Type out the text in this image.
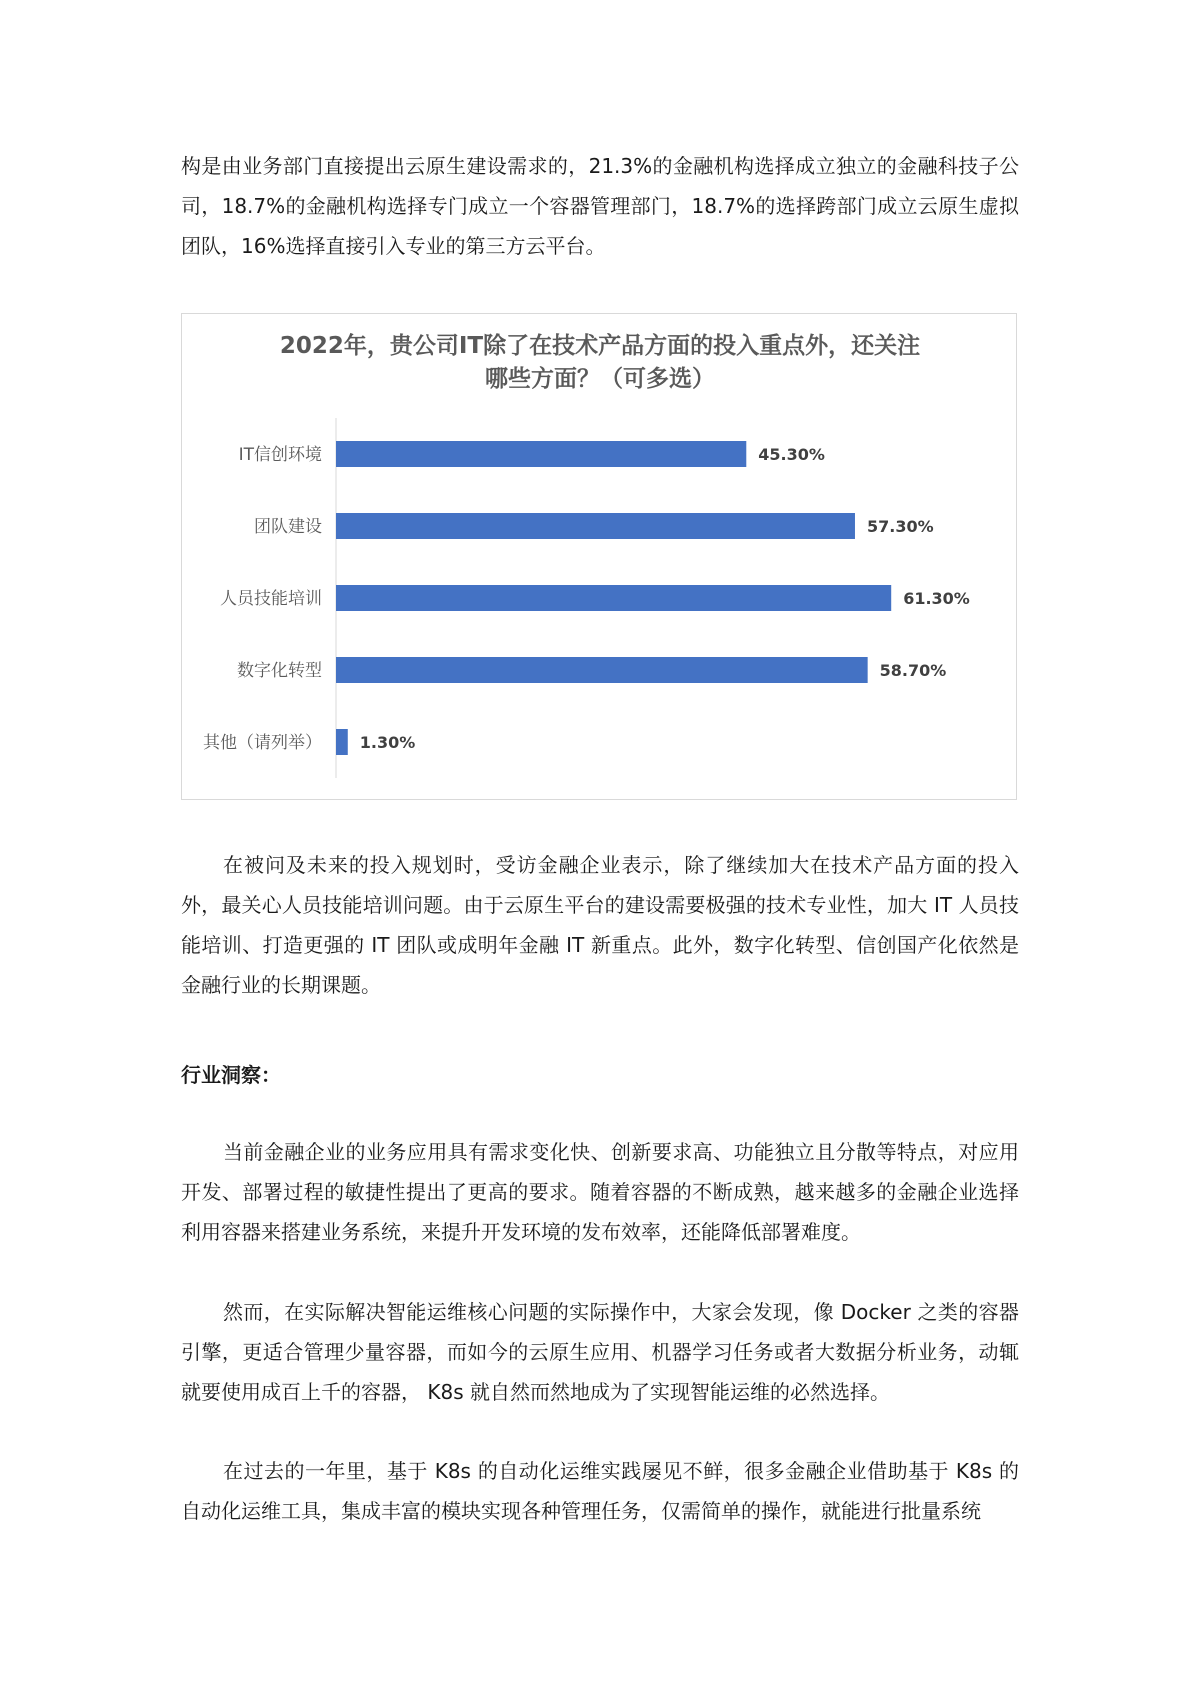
构是由业务部门直接提出云原生建设需求的，21.3%的金融机构选择成立独立的金融科技子公司，18.7%的金融机构选择专门成立一个容器管理部门，18.7%的选择跨部门成立云原生虚拟团队，16%选择直接引入专业的第三方云平台。

2022年，贵公司IT除了在技术产品方面的投入重点外，还关注
哪些方面？（可多选）
IT信创环境	45.30%
团队建设	57.30%
人员技能培训	61.30%
数字化转型	58.70%
其他（请列举） 1.30%

在被问及未来的投入规划时，受访金融企业表示，除了继续加大在技术产品方面的投入外，最关心人员技能培训问题。由于云原生平台的建设需要极强的技术专业性，加大 IT 人员技能培训、打造更强的 IT 团队或成明年金融 IT 新重点。此外，数字化转型、信创国产化依然是金融行业的长期课题。

行业洞察：

当前金融企业的业务应用具有需求变化快、创新要求高、功能独立且分散等特点，对应用开发、部署过程的敏捷性提出了更高的要求。随着容器的不断成熟，越来越多的金融企业选择利用容器来搭建业务系统，来提升开发环境的发布效率，还能降低部署难度。

然而，在实际解决智能运维核心问题的实际操作中，大家会发现，像 Docker 之类的容器引擎，更适合管理少量容器，而如今的云原生应用、机器学习任务或者大数据分析业务，动辄就要使用成百上千的容器， K8s 就自然而然地成为了实现智能运维的必然选择。

在过去的一年里，基于 K8s 的自动化运维实践屡见不鲜，很多金融企业借助基于 K8s 的自动化运维工具，集成丰富的模块实现各种管理任务，仅需简单的操作，就能进行批量系统
